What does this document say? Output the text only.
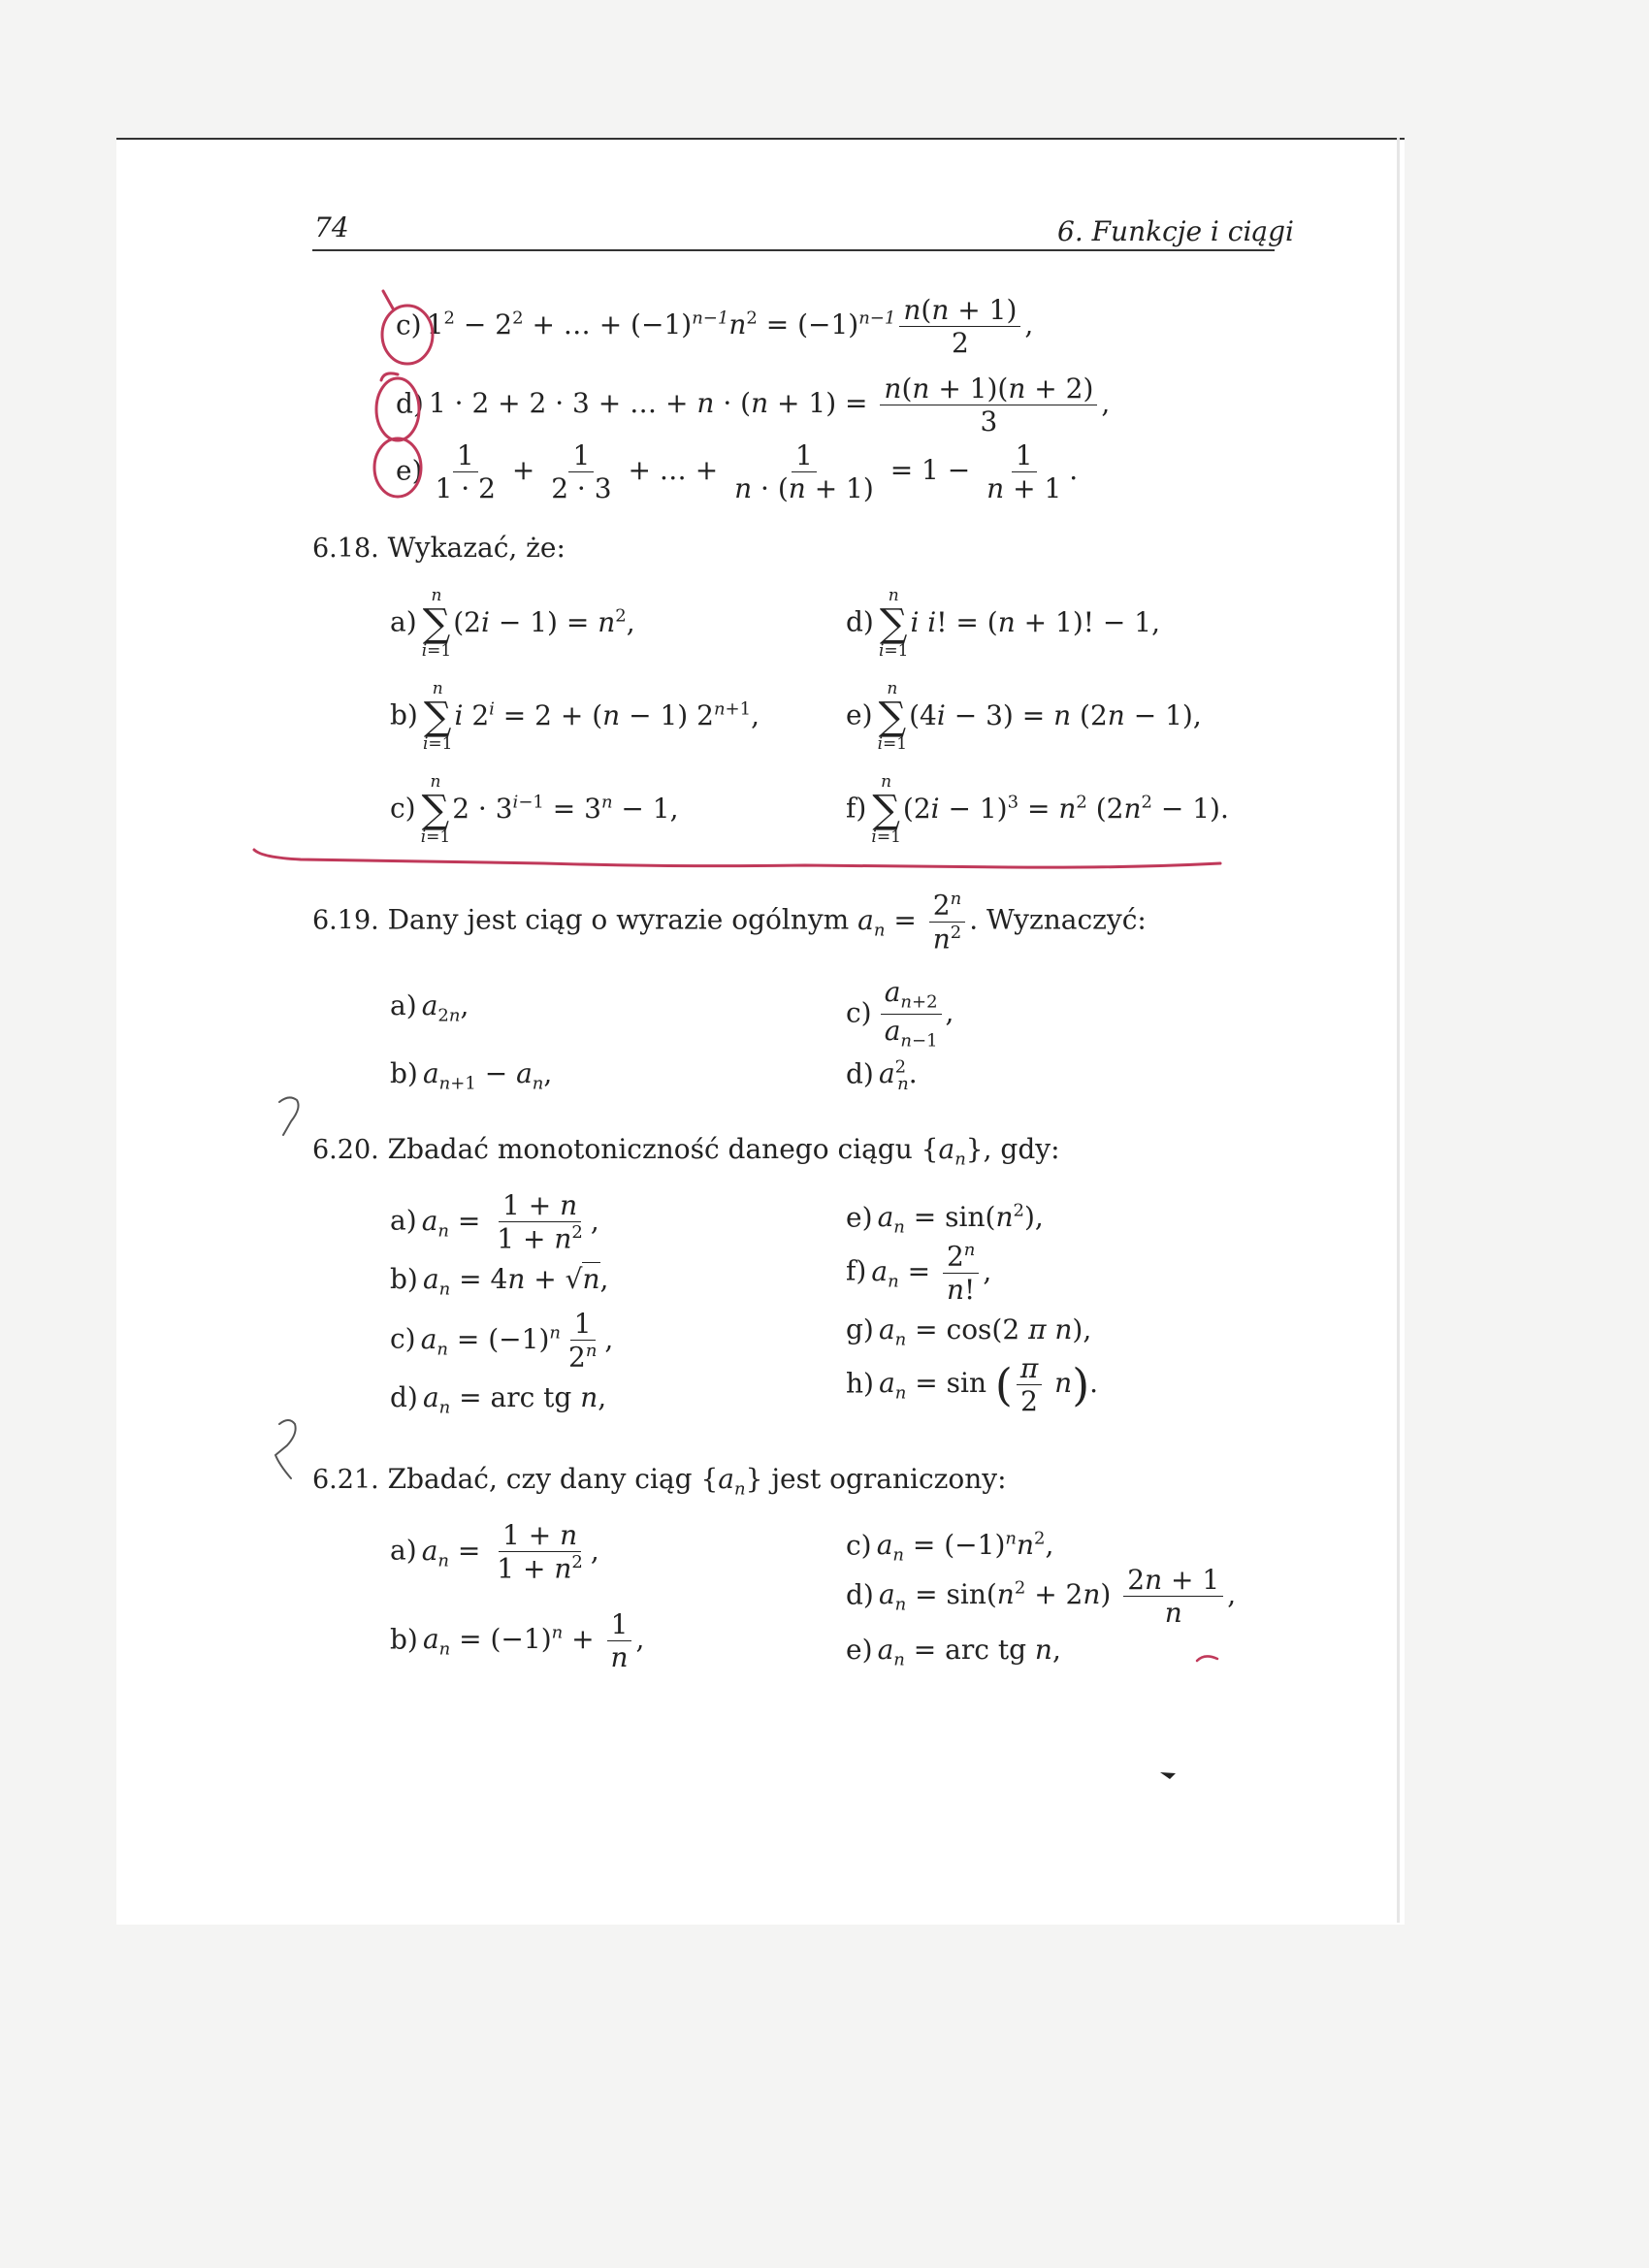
74	6. Funkcje i ciągi
c) $1^2 - 2^2$ + … + $(-1)^{n-1}n^2 = (-1)^{n-1} \frac{n(n + 1)}{2}$ ,
d) 1 · 2 + 2 · 3 + … + $n \cdot (n + 1) = \frac{n(n + 1)(n + 2)}{3}$ ,
$e) \frac{1}{1 \cdot 2} + \frac{1}{2 \cdot 3}$ + … + $\frac{1}{n \cdot (n + 1)} = 1 - \frac{1}{n + 1}$ .
6.18. Wykazać, że:
a)
n
∑
i=1
$(2i - 1) = n^2$,
b)
n
∑
i=1
i $2^i = 2 + (n - 1)$ $2^{n+1}$,
c)
n
∑
i=1
$2 \cdot 3^{i-1} = 3^n - 1$,
d)
n
∑
i=1
i i! = (n + 1)! − 1,
e)
n
∑
i=1
(4i − 3) = n (2n − 1),
f)
n
∑
i=1
$(2i - 1)^3 = n^2$ $(2n^2 - 1)$.
6.19. Dany jest ciąg o wyrazie ogólnym $a_n = \frac{2^n}{n^2}$ . Wyznaczyć:
a) $a_{2n}$,
b) $a_{n+1} - a_n$,
$c) \frac{a_{n+2}}{a_{n-1}}$ ,
d) $a^2_n$.
6.20. Zbadać monotoniczność danego ciągu $\{a_n\}$, gdy:
a) $a_n = \frac{1 + n}{1 + n^2}$ ,
b) $a_n = 4n + √n$,
c) $a_n = (-1)^n \frac{1}{2^n}$ ,
d) $a_n$ = arc tg n,
e) $a_n = \sin(n^2)$,
f) $a_n = \frac{2^n}{n!}$ ,
g) $a_n = \cos(2$ π n),
h) $a_n = \sin$ ( $\frac{\pi}{2} n$).
6.21. Zbadać, czy dany ciąg $\{a_n\}$ jest ograniczony:
a) $a_n = \frac{1 + n}{1 + n^2}$ ,
b) $a_n = (-1)^n + \frac{1}{n}$ ,
c) $a_n = (-1)^nn^2$,
d) $a_n = \sin(n^2 + 2n) \frac{2n + 1}{n}$ ,
e) $a_n$ = arc tg n,
